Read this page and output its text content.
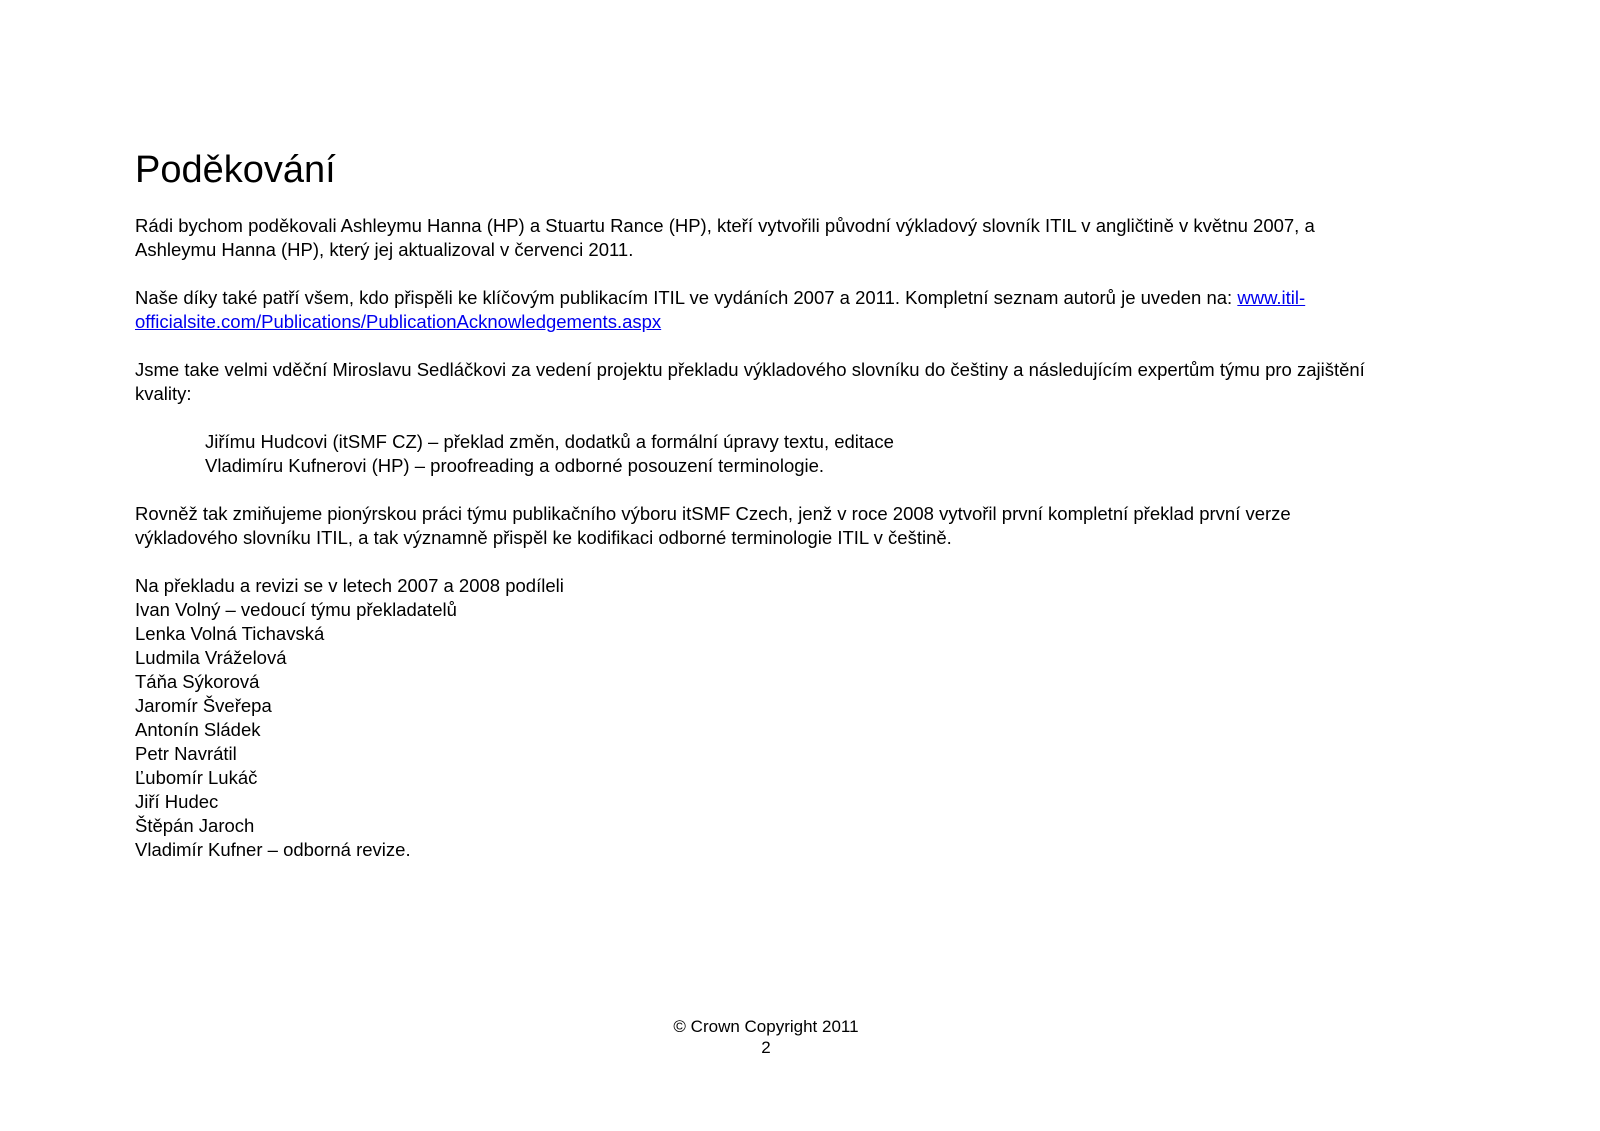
Poděkování

Rádi bychom poděkovali Ashleymu Hanna (HP) a Stuartu Rance (HP), kteří vytvořili původní výkladový slovník ITIL v angličtině v květnu 2007, a Ashleymu Hanna (HP), který jej aktualizoval v červenci 2011.

Naše díky také patří všem, kdo přispěli ke klíčovým publikacím ITIL ve vydáních 2007 a 2011. Kompletní seznam autorů je uveden na: www.itil-officialsite.com/Publications/PublicationAcknowledgements.aspx

Jsme take velmi vděční Miroslavu Sedláčkovi za vedení projektu překladu výkladového slovníku do češtiny a následujícím expertům týmu pro zajištění kvality:

Jiřímu Hudcovi (itSMF CZ) – překlad změn, dodatků a formální úpravy textu, editace
Vladimíru Kufnerovi (HP) – proofreading a odborné posouzení terminologie.

Rovněž tak zmiňujeme pionýrskou práci týmu publikačního výboru itSMF Czech, jenž v roce 2008 vytvořil první kompletní překlad první verze výkladového slovníku ITIL, a tak významně přispěl ke kodifikaci odborné terminologie ITIL v češtině.

Na překladu a revizi se v letech 2007 a 2008 podíleli
Ivan Volný – vedoucí týmu překladatelů
Lenka Volná Tichavská
Ludmila Vráželová
Táňa Sýkorová
Jaromír Šveřepa
Antonín Sládek
Petr Navrátil
Ľubomír Lukáč
Jiří Hudec
Štěpán Jaroch
Vladimír Kufner – odborná revize.
© Crown Copyright 2011
2
